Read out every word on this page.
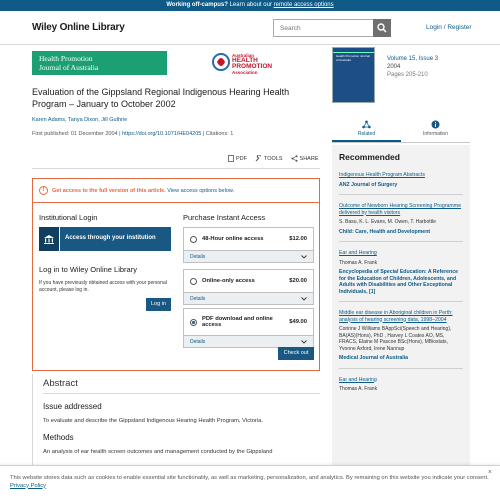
Working off-campus? Learn about our remote access options
Wiley Online Library
Search	Login / Register
Health Promotion
Journal of Australia
Australian
HEALTH
PROMOTION
Association
Health Promotion Journal of Australia	Volume 15, Issue 3
2004
Pages 205-210
Evaluation of the Gippsland Regional Indigenous Hearing Health Program – January to October 2002
Karen Adams, Tanya Dixon, Jill Guthrie
First published: 01 December 2004 | https://doi.org/10.1071/HE04205 | Citations: 1
PDF	TOOLS	SHARE
Related	Information
Recommended
Indigenous Health Program Abstracts
ANZ Journal of Surgery
Outcome of Newborn Hearing Screening Programme delivered by health visitors
S. Basu, K. L. Evans, M. Owen, T. Harbottle
Child: Care, Health and Development
Ear and Hearing
Thomas A. Frank
Encyclopedia of Special Education: A Reference for the Education of Children, Adolescents, and Adults with Disabilities and Other Exceptional Individuals, [1]
Middle ear disease in Aboriginal children in Perth: analysis of hearing screening data, 1998–2004
Corinne J Williams BAppSci(Speech and Hearing), BA(AS)(Hons), PhD , Harvey L Coates AO, MS, FRACS, Elaine M Pascoe BSc(Hons), MBiostats, Yvonne Axford, Irene Nannup
Medical Journal of Australia
Ear and Hearing
Thomas A. Frank
!	Get access to the full version of this article. View access options below.
Institutional Login
Access through your institution
Log in to Wiley Online Library
If you have previously obtained access with your personal account, please log in.
Log in
Purchase Instant Access
48-Hour online access	$12.00
Details
Online-only access	$20.00
Details
PDF download and online access	$49.00
Details
Check out
Abstract
Issue addressed

To evaluate and describe the Gippsland Indigenous Hearing Health Program, Victoria.

Methods

An analysis of ear health screen outcomes and management conducted by the Gippsland

This website stores data such as cookies to enable essential site functionality, as well as marketing, personalization, and analytics. By remaining on this website you indicate your consent. Privacy Policy
×
